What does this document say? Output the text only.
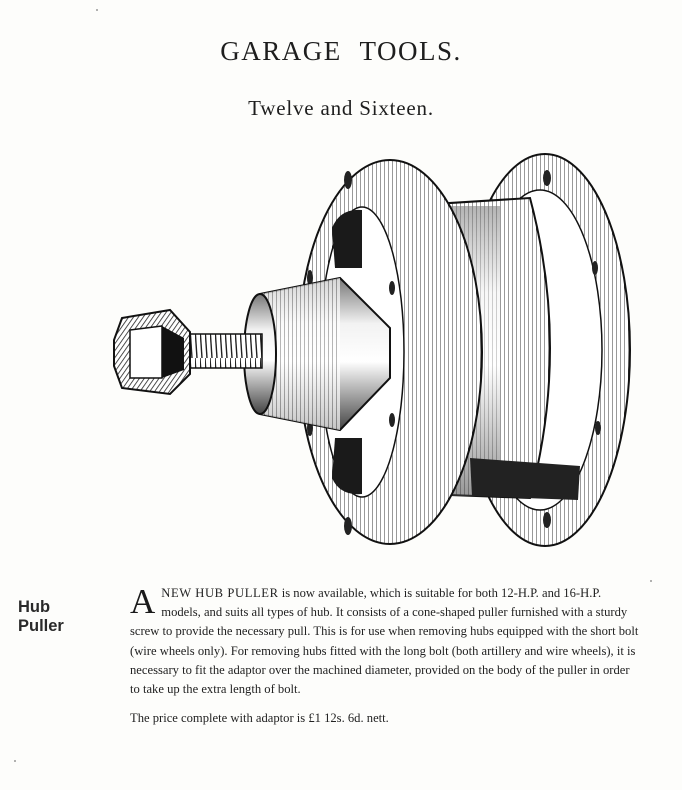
GARAGE TOOLS.
Twelve and Sixteen.
Hub
Puller

ANEW HUB PULLER is now available, which is suitable for both 12-H.P. and 16-H.P. models, and suits all types of hub. It consists of a cone-shaped puller furnished with a sturdy screw to provide the necessary pull. This is for use when removing hubs equipped with the short bolt (wire wheels only). For removing hubs fitted with the long bolt (both artillery and wire wheels), it is necessary to fit the adaptor over the machined diameter, provided on the body of the puller in order to take up the extra length of bolt.

The price complete with adaptor is £1 12s. 6d. nett.
